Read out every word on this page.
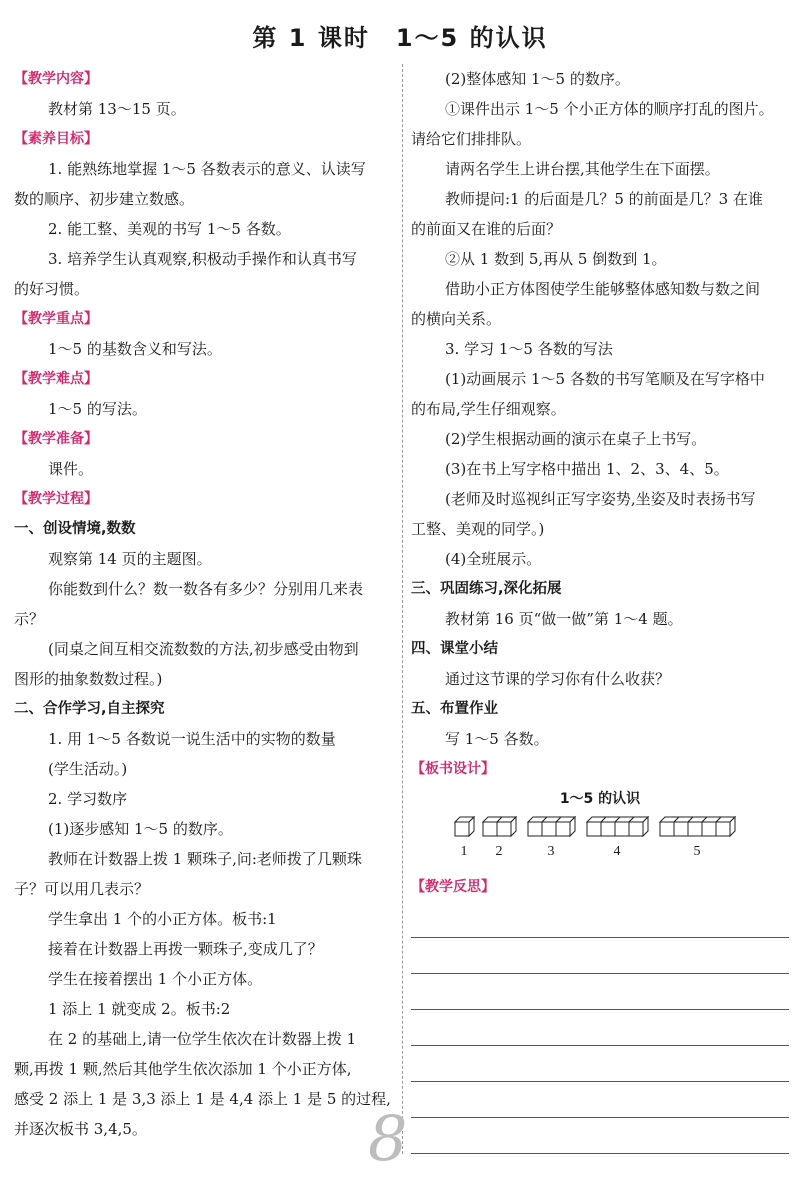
第 1 课时　1～5 的认识
【教学内容】
教材第 13～15 页。
【素养目标】
1. 能熟练地掌握 1～5 各数表示的意义、认读写
数的顺序、初步建立数感。
2. 能工整、美观的书写 1～5 各数。
3. 培养学生认真观察,积极动手操作和认真书写
的好习惯。
【教学重点】
1～5 的基数含义和写法。
【教学难点】
1～5 的写法。
【教学准备】
课件。
【教学过程】
一、创设情境,数数
观察第 14 页的主题图。
你能数到什么？数一数各有多少？分别用几来表
示？
(同桌之间互相交流数数的方法,初步感受由物到
图形的抽象数数过程。)
二、合作学习,自主探究
1. 用 1～5 各数说一说生活中的实物的数量
(学生活动。)
2. 学习数序
(1)逐步感知 1～5 的数序。
教师在计数器上拨 1 颗珠子,问:老师拨了几颗珠
子？可以用几表示？
学生拿出 1 个的小正方体。板书:1
接着在计数器上再拨一颗珠子,变成几了？
学生在接着摆出 1 个小正方体。
1 添上 1 就变成 2。板书:2
在 2 的基础上,请一位学生依次在计数器上拨 1
颗,再拨 1 颗,然后其他学生依次添加 1 个小正方体,
感受 2 添上 1 是 3,3 添上 1 是 4,4 添上 1 是 5 的过程,
并逐次板书 3,4,5。
(2)整体感知 1～5 的数序。
①课件出示 1～5 个小正方体的顺序打乱的图片。
请给它们排排队。
请两名学生上讲台摆,其他学生在下面摆。
教师提问:1 的后面是几？5 的前面是几？3 在谁
的前面又在谁的后面？
②从 1 数到 5,再从 5 倒数到 1。
借助小正方体图使学生能够整体感知数与数之间
的横向关系。
3. 学习 1～5 各数的写法
(1)动画展示 1～5 各数的书写笔顺及在写字格中
的布局,学生仔细观察。
(2)学生根据动画的演示在桌子上书写。
(3)在书上写字格中描出 1、2、3、4、5。
(老师及时巡视纠正写字姿势,坐姿及时表扬书写
工整、美观的同学。)
(4)全班展示。
三、巩固练习,深化拓展
教材第 16 页“做一做”第 1～4 题。
四、课堂小结
通过这节课的学习你有什么收获？
五、布置作业
写 1～5 各数。
【板书设计】
1～5 的认识
1 2	3	4	5
【教学反思】
8
